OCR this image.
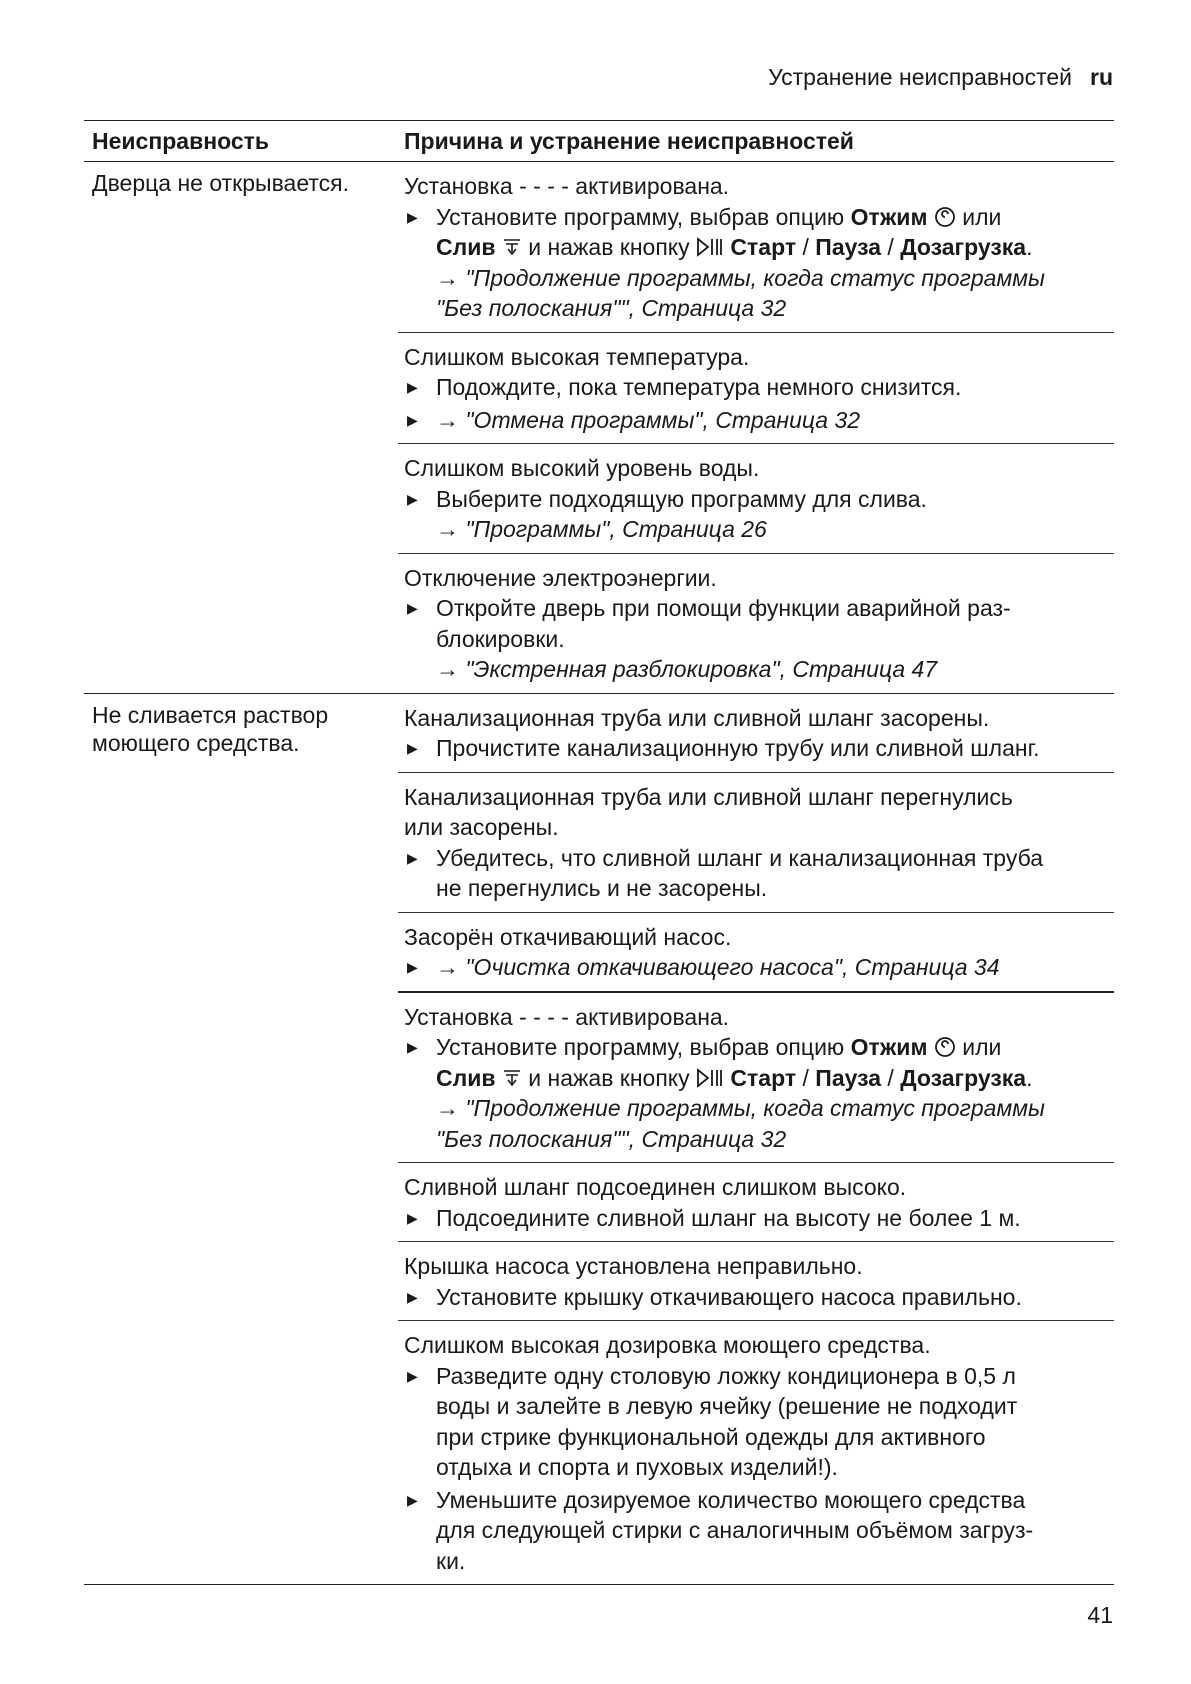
Устранение неисправностей ru
Неисправность	Причина и устранение неисправностей
Дверца не открывается.	Установка - - - - активирована.
▶ Установите программу, выбрав опцию Отжим  или
Слив  и нажав кнопку  Старт / Пауза / Дозагрузка.
→ "Продолжение программы, когда статус программы
"Без полоскания"", Страница 32
Слишком высокая температура.
▶ Подождите, пока температура немного снизится.
▶ → "Отмена программы", Страница 32
Слишком высокий уровень воды.
▶ Выберите подходящую программу для слива.
→ "Программы", Страница 26
Отключение электроэнергии.
▶ Откройте дверь при помощи функции аварийной раз-
блокировки.
→ "Экстренная разблокировка", Страница 47
Не сливается раствор
моющего средства.
Канализационная труба или сливной шланг засорены.
▶ Прочистите канализационную трубу или сливной шланг.
Канализационная труба или сливной шланг перегнулись
или засорены.
▶ Убедитесь, что сливной шланг и канализационная труба
не перегнулись и не засорены.
Засорён откачивающий насос.
▶ → "Очистка откачивающего насоса", Страница 34
Установка - - - - активирована.
▶ Установите программу, выбрав опцию Отжим  или
Слив  и нажав кнопку  Старт / Пауза / Дозагрузка.
→ "Продолжение программы, когда статус программы
"Без полоскания"", Страница 32
Сливной шланг подсоединен слишком высоко.
▶ Подсоедините сливной шланг на высоту не более 1 м.
Крышка насоса установлена неправильно.
▶ Установите крышку откачивающего насоса правильно.
Слишком высокая дозировка моющего средства.
▶ Разведите одну столовую ложку кондиционера в 0,5 л
воды и залейте в левую ячейку (решение не подходит
при стрике функциональной одежды для активного
отдыха и спорта и пуховых изделий!).
▶ Уменьшите дозируемое количество моющего средства
для следующей стирки с аналогичным объёмом загруз-
ки.
41
